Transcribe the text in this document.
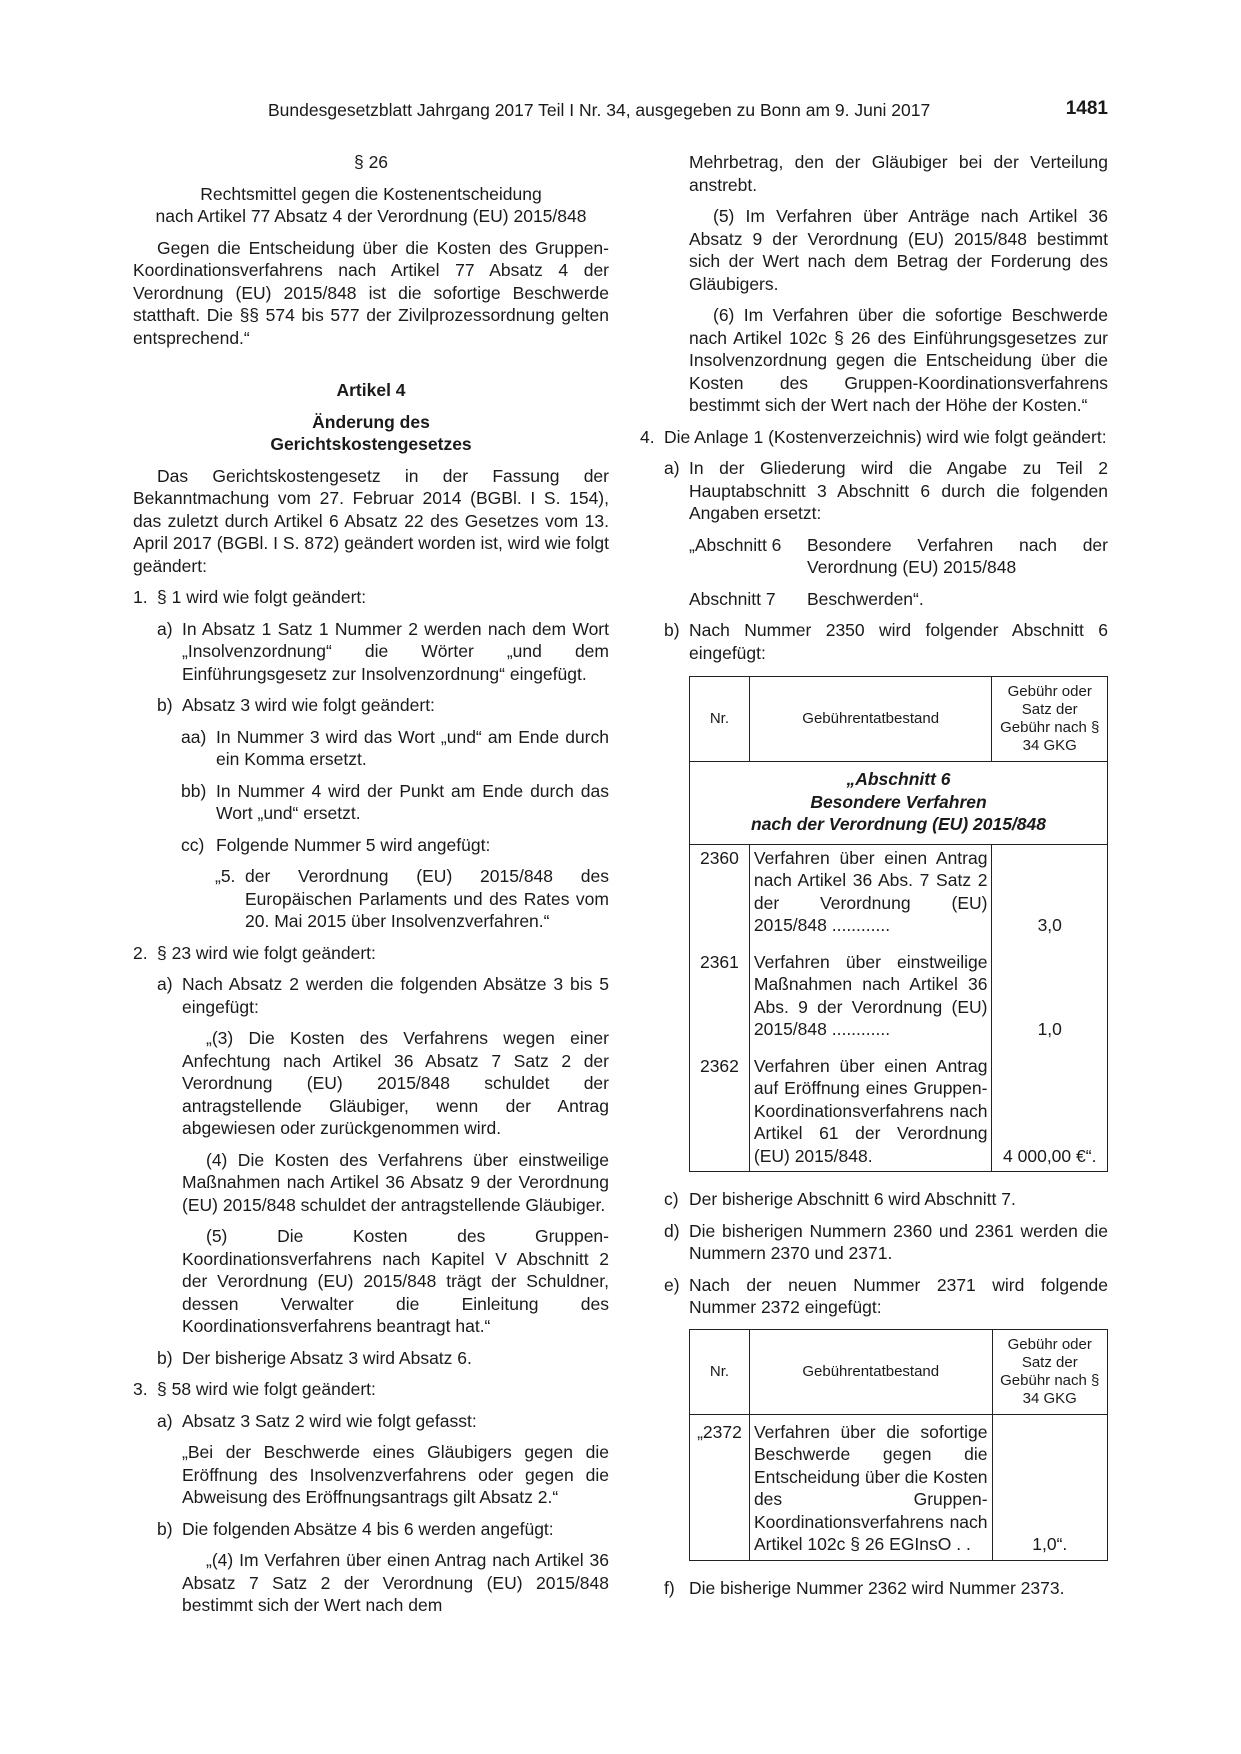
Bundesgesetzblatt Jahrgang 2017 Teil I Nr. 34, ausgegeben zu Bonn am 9. Juni 2017	1481

§ 26

Rechtsmittel gegen die Kostenentscheidung

nach Artikel 77 Absatz 4 der Verordnung (EU) 2015/848

Gegen die Entscheidung über die Kosten des Gruppen-Koordinationsverfahrens nach Artikel 77 Absatz 4 der Verordnung (EU) 2015/848 ist die sofortige Beschwerde statthaft. Die §§ 574 bis 577 der Zivilprozessordnung gelten entsprechend.“

Artikel 4

Änderung des

Gerichtskostengesetzes

Das Gerichtskostengesetz in der Fassung der Bekanntmachung vom 27. Februar 2014 (BGBl. I S. 154), das zuletzt durch Artikel 6 Absatz 22 des Gesetzes vom 13. April 2017 (BGBl. I S. 872) geändert worden ist, wird wie folgt geändert:

1. § 1 wird wie folgt geändert:
a) In Absatz 1 Satz 1 Nummer 2 werden nach dem Wort „Insolvenzordnung“ die Wörter „und dem Einführungsgesetz zur Insolvenzordnung“ eingefügt.
b) Absatz 3 wird wie folgt geändert:
aa) In Nummer 3 wird das Wort „und“ am Ende durch ein Komma ersetzt.
bb) In Nummer 4 wird der Punkt am Ende durch das Wort „und“ ersetzt.
cc) Folgende Nummer 5 wird angefügt:
„5. der Verordnung (EU) 2015/848 des Europäischen Parlaments und des Rates vom 20. Mai 2015 über Insolvenzverfahren.“
2. § 23 wird wie folgt geändert:
a) Nach Absatz 2 werden die folgenden Absätze 3 bis 5 eingefügt:

„(3) Die Kosten des Verfahrens wegen einer Anfechtung nach Artikel 36 Absatz 7 Satz 2 der Verordnung (EU) 2015/848 schuldet der antragstellende Gläubiger, wenn der Antrag abgewiesen oder zurückgenommen wird.

(4) Die Kosten des Verfahrens über einstweilige Maßnahmen nach Artikel 36 Absatz 9 der Verordnung (EU) 2015/848 schuldet der antragstellende Gläubiger.

(5) Die Kosten des Gruppen-Koordinationsverfahrens nach Kapitel V Abschnitt 2 der Verordnung (EU) 2015/848 trägt der Schuldner, dessen Verwalter die Einleitung des Koordinationsverfahrens beantragt hat.“

b) Der bisherige Absatz 3 wird Absatz 6.
3. § 58 wird wie folgt geändert:
a) Absatz 3 Satz 2 wird wie folgt gefasst:

„Bei der Beschwerde eines Gläubigers gegen die Eröffnung des Insolvenzverfahrens oder gegen die Abweisung des Eröffnungsantrags gilt Absatz 2.“

b) Die folgenden Absätze 4 bis 6 werden angefügt:

„(4) Im Verfahren über einen Antrag nach Artikel 36 Absatz 7 Satz 2 der Verordnung (EU) 2015/848 bestimmt sich der Wert nach dem

Mehrbetrag, den der Gläubiger bei der Verteilung anstrebt.

(5) Im Verfahren über Anträge nach Artikel 36 Absatz 9 der Verordnung (EU) 2015/848 bestimmt sich der Wert nach dem Betrag der Forderung des Gläubigers.

(6) Im Verfahren über die sofortige Beschwerde nach Artikel 102c § 26 des Einführungsgesetzes zur Insolvenzordnung gegen die Entscheidung über die Kosten des Gruppen-Koordinationsverfahrens bestimmt sich der Wert nach der Höhe der Kosten.“

4. Die Anlage 1 (Kostenverzeichnis) wird wie folgt geändert:
a) In der Gliederung wird die Angabe zu Teil 2 Hauptabschnitt 3 Abschnitt 6 durch die folgenden Angaben ersetzt:
„Abschnitt 6	Besondere Verfahren nach der Verordnung (EU) 2015/848
Abschnitt 7	Beschwerden“.
b) Nach Nummer 2350 wird folgender Abschnitt 6 eingefügt:
Nr.	Gebührentatbestand	Gebühr oder Satz der Gebühr nach § 34 GKG

„Abschnitt 6
Besondere Verfahren
nach der Verordnung (EU) 2015/848		

2360	Verfahren über einen Antrag nach Artikel 36 Abs. 7 Satz 2 der Verordnung (EU) 2015/848 ............	3,0
2361	Verfahren über einstweilige Maßnahmen nach Artikel 36 Abs. 9 der Verordnung (EU) 2015/848 ............	1,0
2362	Verfahren über einen Antrag auf Eröffnung eines Gruppen-Koordinationsverfahrens nach Artikel 61 der Verordnung (EU) 2015/848.	4 000,00 €“.
c) Der bisherige Abschnitt 6 wird Abschnitt 7.
d) Die bisherigen Nummern 2360 und 2361 werden die Nummern 2370 und 2371.
e) Nach der neuen Nummer 2371 wird folgende Nummer 2372 eingefügt:
Nr.	Gebührentatbestand	Gebühr oder Satz der Gebühr nach § 34 GKG
„2372	Verfahren über die sofortige Beschwerde gegen die Entscheidung über die Kosten des Gruppen-Koordinationsverfahrens nach Artikel 102c § 26 EGInsO . .	1,0“.
f) Die bisherige Nummer 2362 wird Nummer 2373.
